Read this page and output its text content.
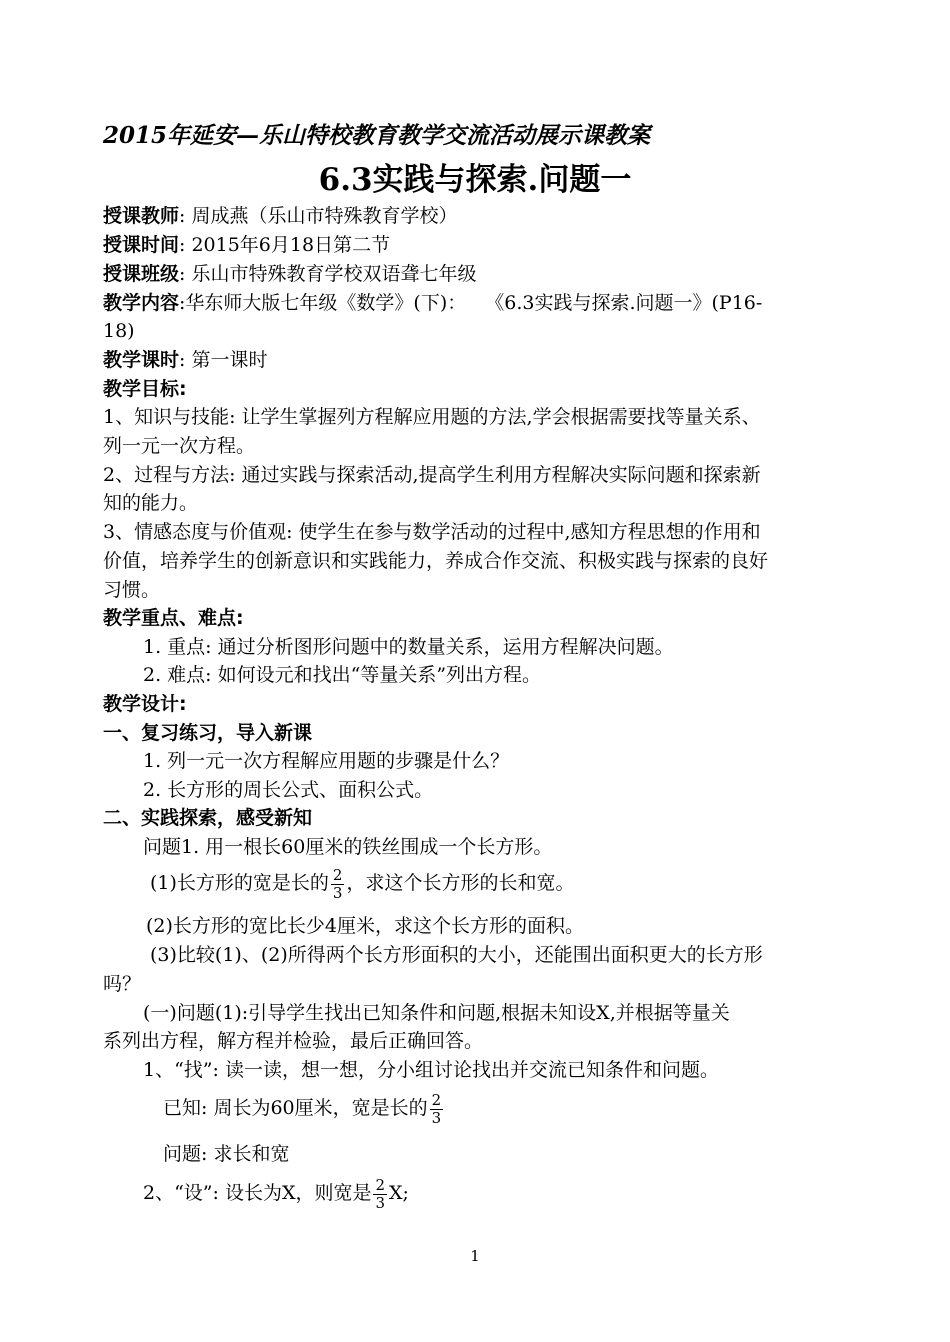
2015年延安—乐山特校教育教学交流活动展示课教案
6.3实践与探索.问题一
授课教师: 周成燕（乐山市特殊教育学校）
授课时间: 2015年6月18日第二节
授课班级: 乐山市特殊教育学校双语聋七年级
教学内容:华东师大版七年级《数学》(下)：　　《6.3实践与探索.问题一》(P16-
18)
教学课时: 第一课时
教学目标:
1、知识与技能: 让学生掌握列方程解应用题的方法,学会根据需要找等量关系、
列一元一次方程。
2、过程与方法: 通过实践与探索活动,提高学生利用方程解决实际问题和探索新
知的能力。
3、情感态度与价值观: 使学生在参与数学活动的过程中,感知方程思想的作用和
价值，培养学生的创新意识和实践能力，养成合作交流、积极实践与探索的良好
习惯。
教学重点、难点:
1. 重点: 通过分析图形问题中的数量关系，运用方程解决问题。
2. 难点: 如何设元和找出“等量关系”列出方程。
教学设计:
一、复习练习，导入新课
1. 列一元一次方程解应用题的步骤是什么？
2. 长方形的周长公式、面积公式。
二、实践探索，感受新知
问题1. 用一根长60厘米的铁丝围成一个长方形。
(1)长方形的宽是长的 $\frac{2}{3}$ ，求这个长方形的长和宽。
(2)长方形的宽比长少4厘米，求这个长方形的面积。
(3)比较(1)、(2)所得两个长方形面积的大小，还能围出面积更大的长方形
吗？
(一)问题(1):引导学生找出已知条件和问题,根据未知设X,并根据等量关
系列出方程，解方程并检验，最后正确回答。
1、“找”: 读一读，想一想，分小组讨论找出并交流已知条件和问题。
已知: 周长为60厘米，宽是长的 $\frac{2}{3}$
问题: 求长和宽
2、“设”: 设长为X，则宽是 $\frac{2}{3} X$;
1
